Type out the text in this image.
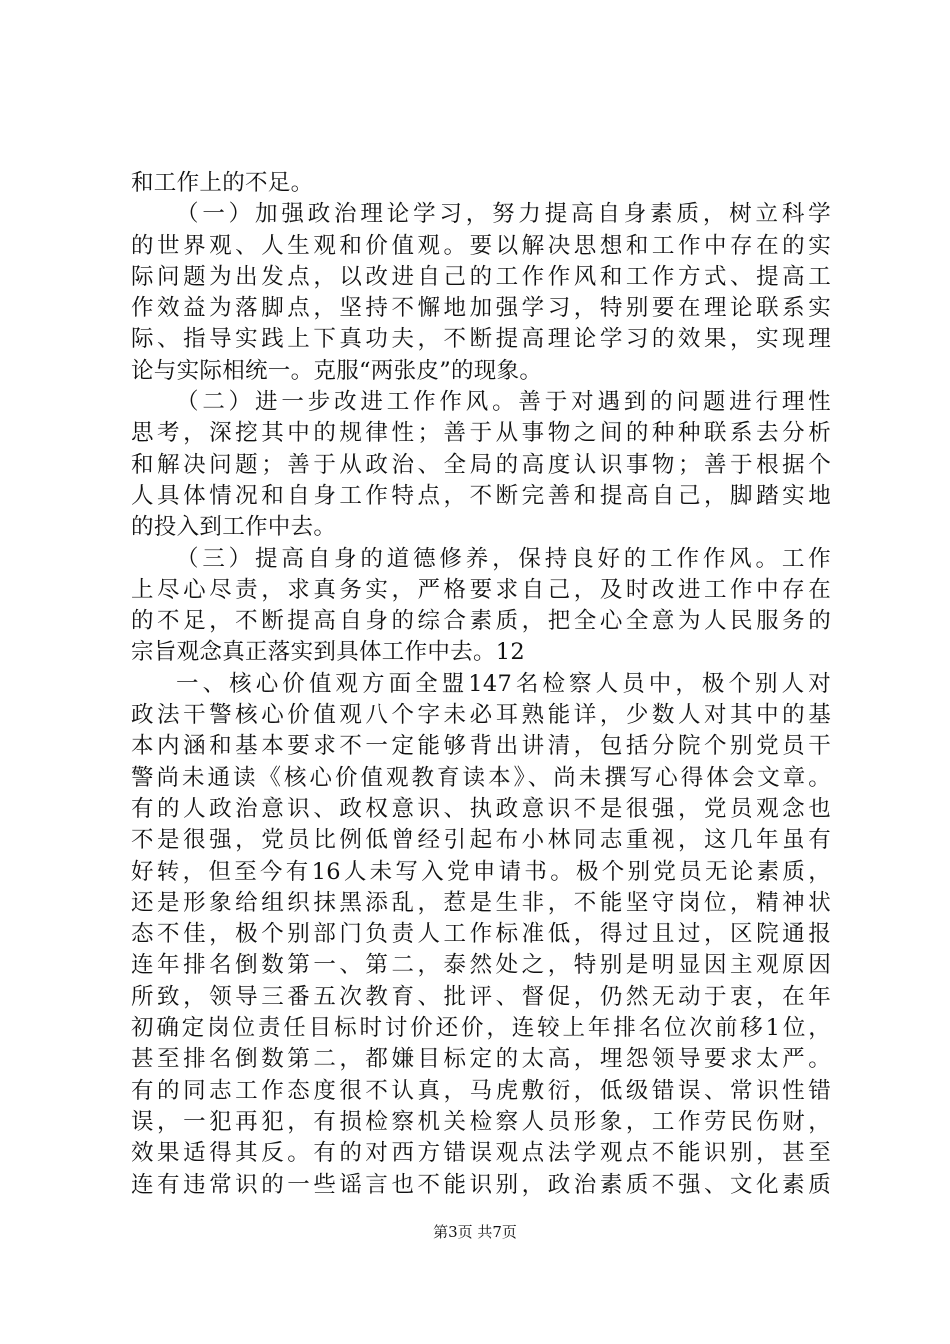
和工作上的不足。
（一）加强政治理论学习，努力提高自身素质，树立科学
的世界观、人生观和价值观。要以解决思想和工作中存在的实
际问题为出发点，以改进自己的工作作风和工作方式、提高工
作效益为落脚点，坚持不懈地加强学习，特别要在理论联系实
际、指导实践上下真功夫，不断提高理论学习的效果，实现理
论与实际相统一。克服“两张皮”的现象。
（二）进一步改进工作作风。善于对遇到的问题进行理性
思考，深挖其中的规律性；善于从事物之间的种种联系去分析
和解决问题；善于从政治、全局的高度认识事物；善于根据个
人具体情况和自身工作特点，不断完善和提高自己，脚踏实地
的投入到工作中去。
（三）提高自身的道德修养，保持良好的工作作风。工作
上尽心尽责，求真务实，严格要求自己，及时改进工作中存在
的不足，不断提高自身的综合素质，把全心全意为人民服务的
宗旨观念真正落实到具体工作中去。12
一、核心价值观方面全盟147名检察人员中，极个别人对
政法干警核心价值观八个字未必耳熟能详，少数人对其中的基
本内涵和基本要求不一定能够背出讲清，包括分院个别党员干
警尚未通读《核心价值观教育读本》、尚未撰写心得体会文章。
有的人政治意识、政权意识、执政意识不是很强，党员观念也
不是很强，党员比例低曾经引起布小林同志重视，这几年虽有
好转，但至今有16人未写入党申请书。极个别党员无论素质，
还是形象给组织抹黑添乱，惹是生非，不能坚守岗位，精神状
态不佳，极个别部门负责人工作标准低，得过且过，区院通报
连年排名倒数第一、第二，泰然处之，特别是明显因主观原因
所致，领导三番五次教育、批评、督促，仍然无动于衷，在年
初确定岗位责任目标时讨价还价，连较上年排名位次前移1位，
甚至排名倒数第二，都嫌目标定的太高，埋怨领导要求太严。
有的同志工作态度很不认真，马虎敷衍，低级错误、常识性错
误，一犯再犯，有损检察机关检察人员形象，工作劳民伤财，
效果适得其反。有的对西方错误观点法学观点不能识别，甚至
连有违常识的一些谣言也不能识别，政治素质不强、文化素质
第3页 共7页
